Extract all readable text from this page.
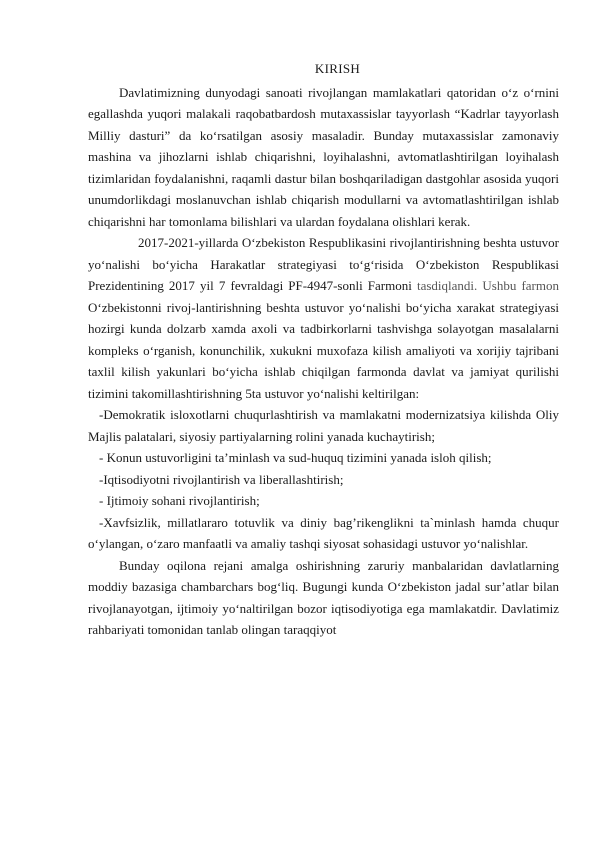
KIRISH

Davlatimizning dunyodagi sanoati rivojlangan mamlakatlari qatoridan o‘z o‘rnini egallashda yuqori malakali raqobatbardosh mutaxassislar tayyorlash “Kadrlar tayyorlash Milliy dasturi” da ko‘rsatilgan asosiy masaladir. Bunday mutaxassislar zamonaviy mashina va jihozlarni ishlab chiqarishni, loyihalashni, avtomatlashtirilgan loyihalash tizimlaridan foydalanishni, raqamli dastur bilan boshqariladigan dastgohlar asosida yuqori unumdorlikdagi moslanuvchan ishlab chiqarish modullarni va avtomatlashtirilgan ishlab chiqarishni har tomonlama bilishlari va ulardan foydalana olishlari kerak.

2017-2021-yillarda O‘zbekiston Respublikasini rivojlantirishning beshta ustuvor yo‘nalishi bo‘yicha Harakatlar strategiyasi to‘g‘risida O‘zbekiston Respublikasi Prezidentining 2017 yil 7 fevraldagi PF-4947-sonli Farmoni tasdiqlandi. Ushbu farmon O‘zbekistonni rivoj-lantirishning beshta ustuvor yo‘nalishi bo‘yicha xarakat strategiyasi hozirgi kunda dolzarb xamda axoli va tadbirkorlarni tashvishga solayotgan masalalarni kompleks o‘rganish, konunchilik, xukukni muxofaza kilish amaliyoti va xorijiy tajribani taxlil kilish yakunlari bo‘yicha ishlab chiqilgan farmonda davlat va jamiyat qurilishi tizimini takomillashtirishning 5ta ustuvor yo‘nalishi keltirilgan:

-Demokratik isloxotlarni chuqurlashtirish va mamlakatni modernizatsiya kilishda Oliy Majlis palatalari, siyosiy partiyalarning rolini yanada kuchaytirish;

- Konun ustuvorligini ta’minlash va sud-huquq tizimini yanada isloh qilish;

-Iqtisodiyotni rivojlantirish va liberallashtirish;

- Ijtimoiy sohani rivojlantirish;

-Xavfsizlik, millatlararo totuvlik va diniy bag’rikenglikni ta`minlash hamda chuqur o‘ylangan, o‘zaro manfaatli va amaliy tashqi siyosat sohasidagi ustuvor yo‘nalishlar.

Bunday oqilona rejani amalga oshirishning zaruriy manbalaridan davlatlarning moddiy bazasiga chambarchars bog‘liq. Bugungi kunda O‘zbekiston jadal sur’atlar bilan rivojlanayotgan, ijtimoiy yo‘naltirilgan bozor iqtisodiyotiga ega mamlakatdir. Davlatimiz rahbariyati tomonidan tanlab olingan taraqqiyot
